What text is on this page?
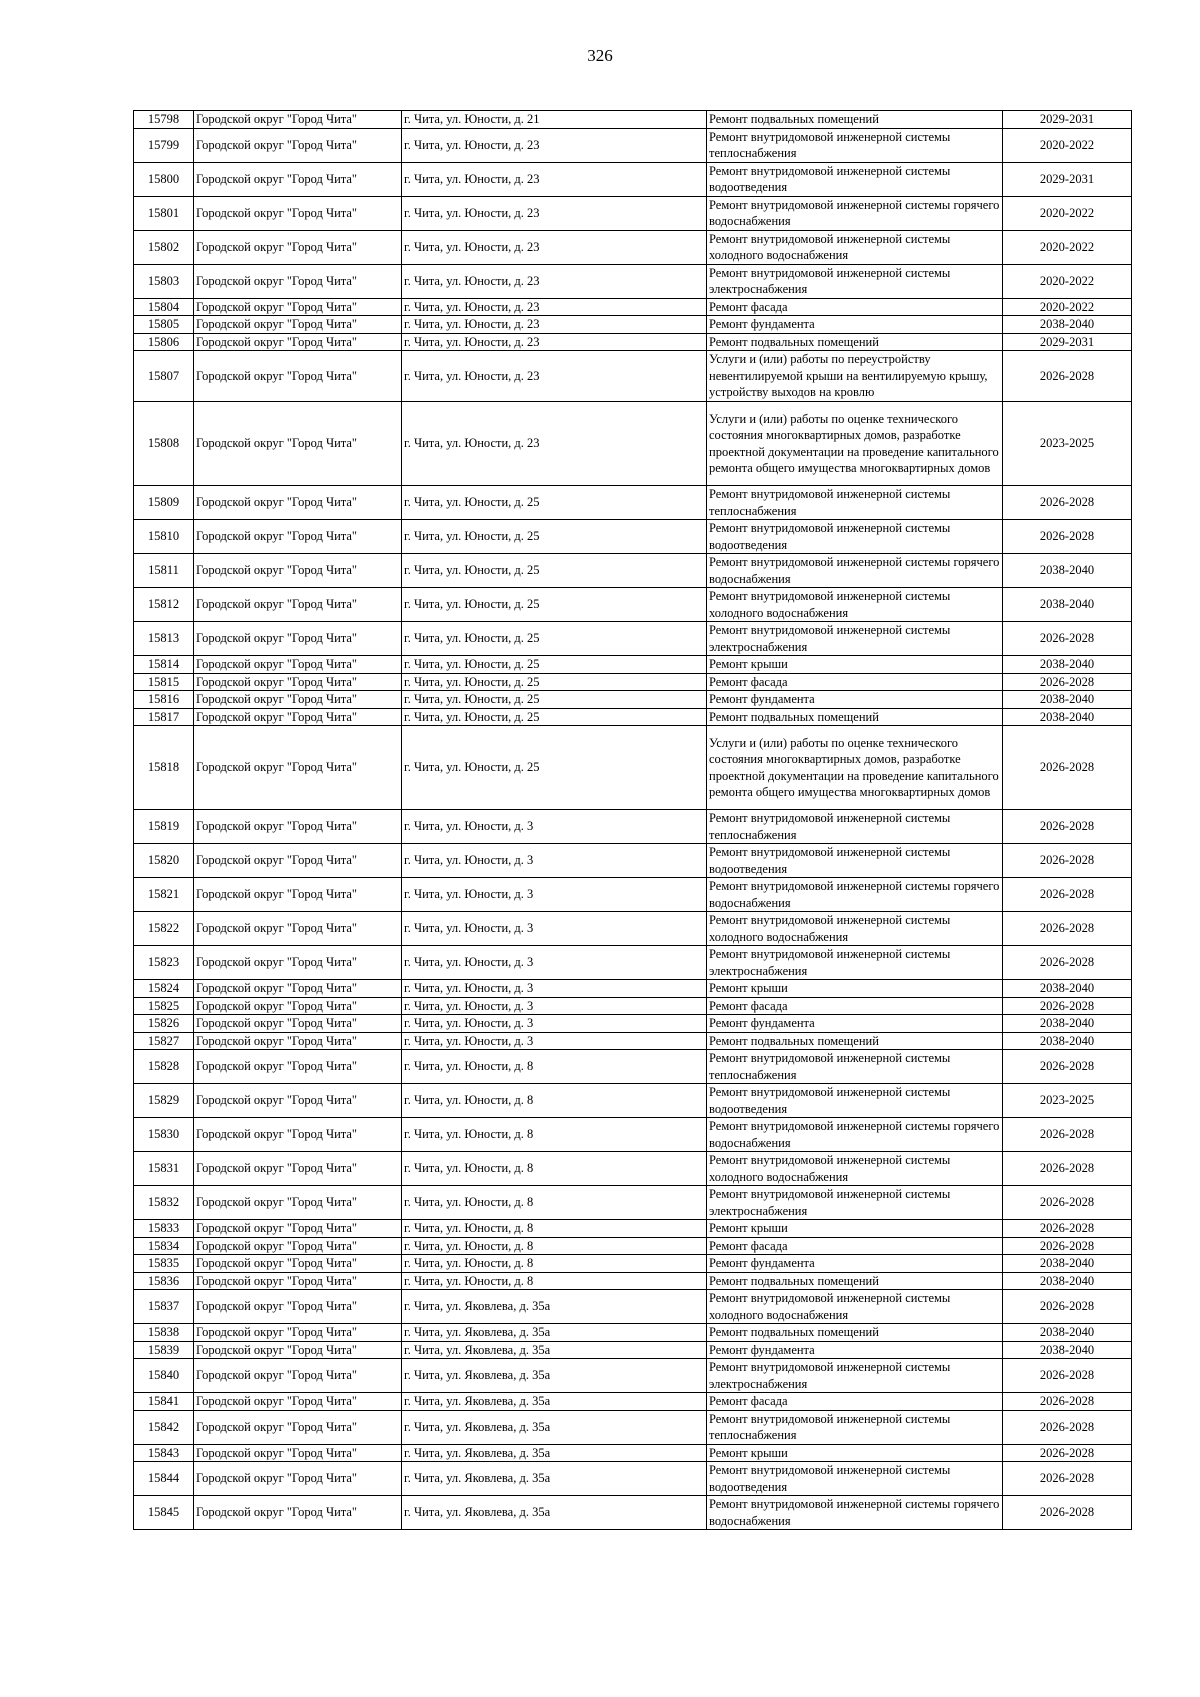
326
15798	Городской округ "Город Чита"	г. Чита, ул. Юности, д. 21	Ремонт подвальных помещений	2029-2031
15799	Городской округ "Город Чита"	г. Чита, ул. Юности, д. 23	Ремонт внутридомовой инженерной системы теплоснабжения	2020-2022
15800	Городской округ "Город Чита"	г. Чита, ул. Юности, д. 23	Ремонт внутридомовой инженерной системы водоотведения	2029-2031
15801	Городской округ "Город Чита"	г. Чита, ул. Юности, д. 23	Ремонт внутридомовой инженерной системы горячего водоснабжения	2020-2022
15802	Городской округ "Город Чита"	г. Чита, ул. Юности, д. 23	Ремонт внутридомовой инженерной системы холодного водоснабжения	2020-2022
15803	Городской округ "Город Чита"	г. Чита, ул. Юности, д. 23	Ремонт внутридомовой инженерной системы электроснабжения	2020-2022
15804	Городской округ "Город Чита"	г. Чита, ул. Юности, д. 23	Ремонт фасада	2020-2022
15805	Городской округ "Город Чита"	г. Чита, ул. Юности, д. 23	Ремонт фундамента	2038-2040
15806	Городской округ "Город Чита"	г. Чита, ул. Юности, д. 23	Ремонт подвальных помещений	2029-2031
15807	Городской округ "Город Чита"	г. Чита, ул. Юности, д. 23	Услуги и (или) работы по переустройству невентилируемой крыши на вентилируемую крышу, устройству выходов на кровлю	2026-2028
15808	Городской округ "Город Чита"	г. Чита, ул. Юности, д. 23	Услуги и (или) работы по оценке технического состояния многоквартирных домов, разработке проектной документации на проведение капитального ремонта общего имущества многоквартирных домов	2023-2025
15809	Городской округ "Город Чита"	г. Чита, ул. Юности, д. 25	Ремонт внутридомовой инженерной системы теплоснабжения	2026-2028
15810	Городской округ "Город Чита"	г. Чита, ул. Юности, д. 25	Ремонт внутридомовой инженерной системы водоотведения	2026-2028
15811	Городской округ "Город Чита"	г. Чита, ул. Юности, д. 25	Ремонт внутридомовой инженерной системы горячего водоснабжения	2038-2040
15812	Городской округ "Город Чита"	г. Чита, ул. Юности, д. 25	Ремонт внутридомовой инженерной системы холодного водоснабжения	2038-2040
15813	Городской округ "Город Чита"	г. Чита, ул. Юности, д. 25	Ремонт внутридомовой инженерной системы электроснабжения	2026-2028
15814	Городской округ "Город Чита"	г. Чита, ул. Юности, д. 25	Ремонт крыши	2038-2040
15815	Городской округ "Город Чита"	г. Чита, ул. Юности, д. 25	Ремонт фасада	2026-2028
15816	Городской округ "Город Чита"	г. Чита, ул. Юности, д. 25	Ремонт фундамента	2038-2040
15817	Городской округ "Город Чита"	г. Чита, ул. Юности, д. 25	Ремонт подвальных помещений	2038-2040
15818	Городской округ "Город Чита"	г. Чита, ул. Юности, д. 25	Услуги и (или) работы по оценке технического состояния многоквартирных домов, разработке проектной документации на проведение капитального ремонта общего имущества многоквартирных домов	2026-2028
15819	Городской округ "Город Чита"	г. Чита, ул. Юности, д. 3	Ремонт внутридомовой инженерной системы теплоснабжения	2026-2028
15820	Городской округ "Город Чита"	г. Чита, ул. Юности, д. 3	Ремонт внутридомовой инженерной системы водоотведения	2026-2028
15821	Городской округ "Город Чита"	г. Чита, ул. Юности, д. 3	Ремонт внутридомовой инженерной системы горячего водоснабжения	2026-2028
15822	Городской округ "Город Чита"	г. Чита, ул. Юности, д. 3	Ремонт внутридомовой инженерной системы холодного водоснабжения	2026-2028
15823	Городской округ "Город Чита"	г. Чита, ул. Юности, д. 3	Ремонт внутридомовой инженерной системы электроснабжения	2026-2028
15824	Городской округ "Город Чита"	г. Чита, ул. Юности, д. 3	Ремонт крыши	2038-2040
15825	Городской округ "Город Чита"	г. Чита, ул. Юности, д. 3	Ремонт фасада	2026-2028
15826	Городской округ "Город Чита"	г. Чита, ул. Юности, д. 3	Ремонт фундамента	2038-2040
15827	Городской округ "Город Чита"	г. Чита, ул. Юности, д. 3	Ремонт подвальных помещений	2038-2040
15828	Городской округ "Город Чита"	г. Чита, ул. Юности, д. 8	Ремонт внутридомовой инженерной системы теплоснабжения	2026-2028
15829	Городской округ "Город Чита"	г. Чита, ул. Юности, д. 8	Ремонт внутридомовой инженерной системы водоотведения	2023-2025
15830	Городской округ "Город Чита"	г. Чита, ул. Юности, д. 8	Ремонт внутридомовой инженерной системы горячего водоснабжения	2026-2028
15831	Городской округ "Город Чита"	г. Чита, ул. Юности, д. 8	Ремонт внутридомовой инженерной системы холодного водоснабжения	2026-2028
15832	Городской округ "Город Чита"	г. Чита, ул. Юности, д. 8	Ремонт внутридомовой инженерной системы электроснабжения	2026-2028
15833	Городской округ "Город Чита"	г. Чита, ул. Юности, д. 8	Ремонт крыши	2026-2028
15834	Городской округ "Город Чита"	г. Чита, ул. Юности, д. 8	Ремонт фасада	2026-2028
15835	Городской округ "Город Чита"	г. Чита, ул. Юности, д. 8	Ремонт фундамента	2038-2040
15836	Городской округ "Город Чита"	г. Чита, ул. Юности, д. 8	Ремонт подвальных помещений	2038-2040
15837	Городской округ "Город Чита"	г. Чита, ул. Яковлева, д. 35а	Ремонт внутридомовой инженерной системы холодного водоснабжения	2026-2028
15838	Городской округ "Город Чита"	г. Чита, ул. Яковлева, д. 35а	Ремонт подвальных помещений	2038-2040
15839	Городской округ "Город Чита"	г. Чита, ул. Яковлева, д. 35а	Ремонт фундамента	2038-2040
15840	Городской округ "Город Чита"	г. Чита, ул. Яковлева, д. 35а	Ремонт внутридомовой инженерной системы электроснабжения	2026-2028
15841	Городской округ "Город Чита"	г. Чита, ул. Яковлева, д. 35а	Ремонт фасада	2026-2028
15842	Городской округ "Город Чита"	г. Чита, ул. Яковлева, д. 35а	Ремонт внутридомовой инженерной системы теплоснабжения	2026-2028
15843	Городской округ "Город Чита"	г. Чита, ул. Яковлева, д. 35а	Ремонт крыши	2026-2028
15844	Городской округ "Город Чита"	г. Чита, ул. Яковлева, д. 35а	Ремонт внутридомовой инженерной системы водоотведения	2026-2028
15845	Городской округ "Город Чита"	г. Чита, ул. Яковлева, д. 35а	Ремонт внутридомовой инженерной системы горячего водоснабжения	2026-2028
